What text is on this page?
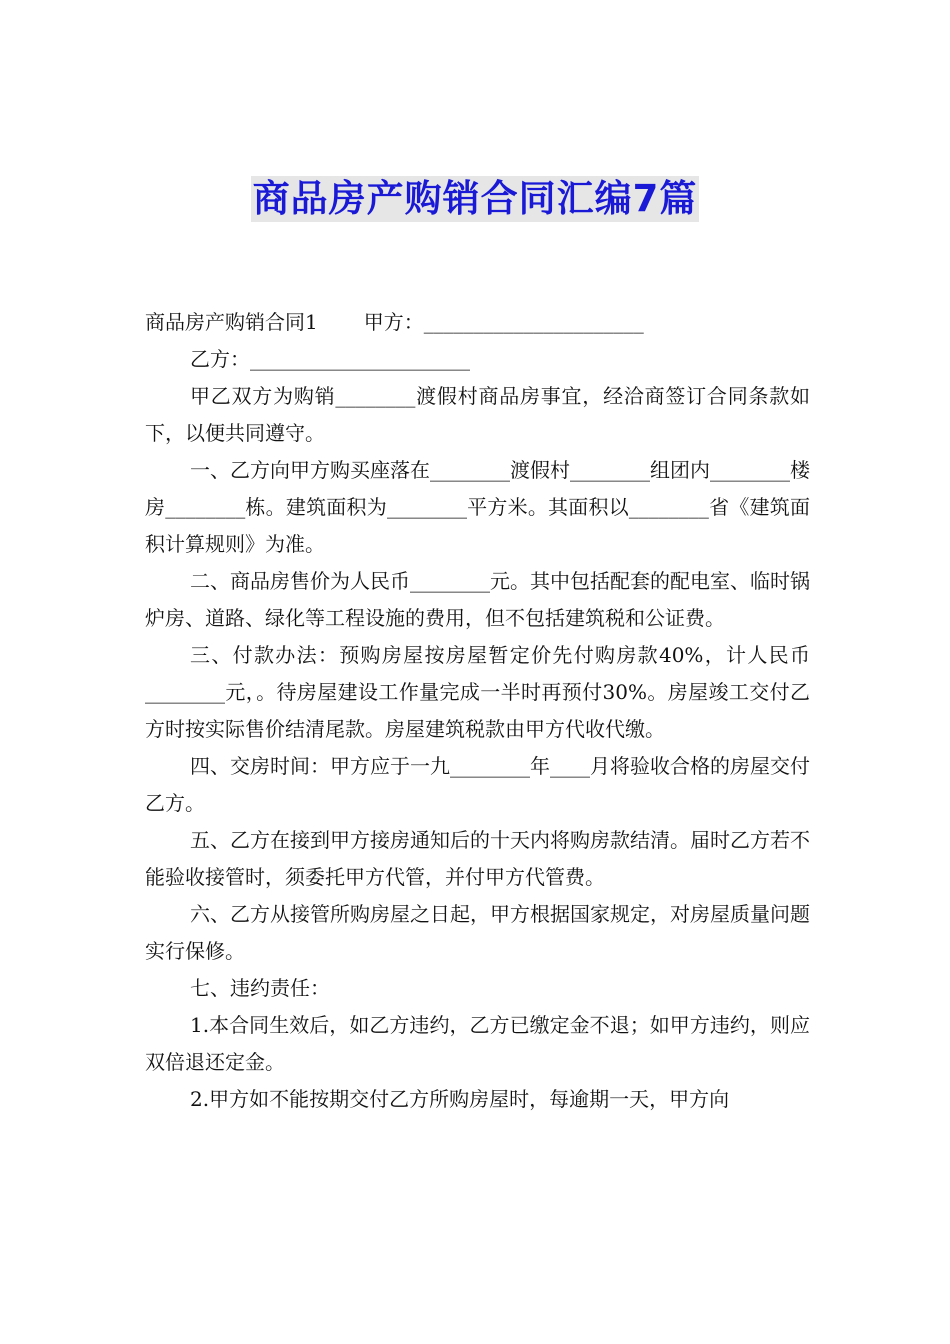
商品房产购销合同汇编7篇

商品房产购销合同1 甲方：______________________

乙方：______________________

甲乙双方为购销________渡假村商品房事宜，经洽商签订合同条款如下，以便共同遵守。

一、乙方向甲方购买座落在________渡假村________组团内________楼房________栋。建筑面积为________平方米。其面积以________省《建筑面积计算规则》为准。

二、商品房售价为人民币________元。其中包括配套的配电室、临时锅炉房、道路、绿化等工程设施的费用，但不包括建筑税和公证费。

三、付款办法：预购房屋按房屋暂定价先付购房款40%，计人民币________元，。待房屋建设工作量完成一半时再预付30%。房屋竣工交付乙方时按实际售价结清尾款。房屋建筑税款由甲方代收代缴。

四、交房时间：甲方应于一九________年____月将验收合格的房屋交付乙方。

五、乙方在接到甲方接房通知后的十天内将购房款结清。届时乙方若不能验收接管时，须委托甲方代管，并付甲方代管费。

六、乙方从接管所购房屋之日起，甲方根据国家规定，对房屋质量问题实行保修。

七、违约责任：

1.本合同生效后，如乙方违约，乙方已缴定金不退；如甲方违约，则应双倍退还定金。

2.甲方如不能按期交付乙方所购房屋时，每逾期一天，甲方向
